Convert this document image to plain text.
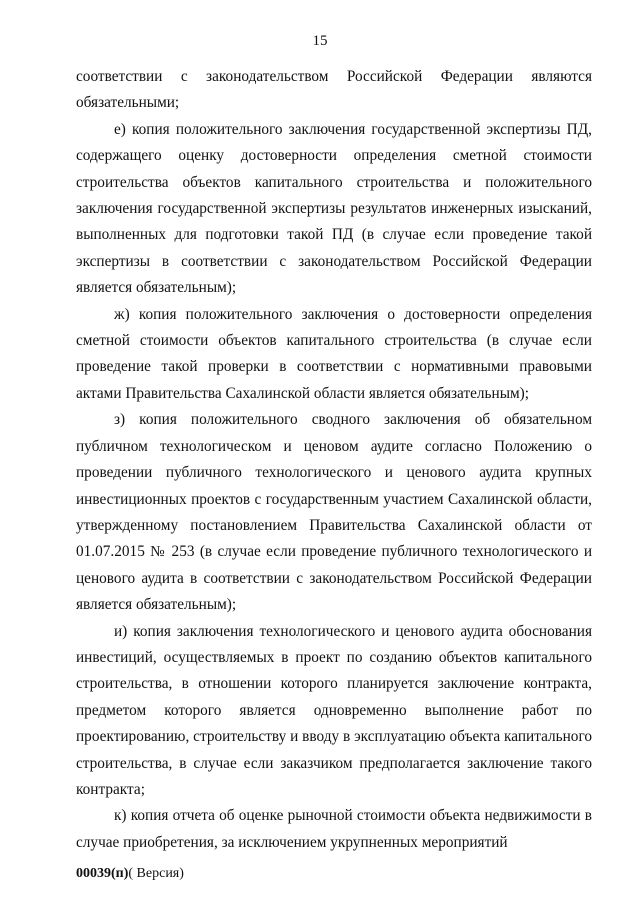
15

соответствии с законодательством Российской Федерации являются обязательными;

е) копия положительного заключения государственной экспертизы ПД, содержащего оценку достоверности определения сметной стоимости строительства объектов капитального строительства и положительного заключения государственной экспертизы результатов инженерных изысканий, выполненных для подготовки такой ПД (в случае если проведение такой экспертизы в соответствии с законодательством Российской Федерации является обязательным);

ж) копия положительного заключения о достоверности определения сметной стоимости объектов капитального строительства (в случае если проведение такой проверки в соответствии с нормативными правовыми актами Правительства Сахалинской области является обязательным);

з) копия положительного сводного заключения об обязательном публичном технологическом и ценовом аудите согласно Положению о проведении публичного технологического и ценового аудита крупных инвестиционных проектов с государственным участием Сахалинской области, утвержденному постановлением Правительства Сахалинской области от 01.07.2015 № 253 (в случае если проведение публичного технологического и ценового аудита в соответствии с законодательством Российской Федерации является обязательным);

и) копия заключения технологического и ценового аудита обоснования инвестиций, осуществляемых в проект по созданию объектов капитального строительства, в отношении которого планируется заключение контракта, предметом которого является одновременно выполнение работ по проектированию, строительству и вводу в эксплуатацию объекта капитального строительства, в случае если заказчиком предполагается заключение такого контракта;

к) копия отчета об оценке рыночной стоимости объекта недвижимости в случае приобретения, за исключением укрупненных мероприятий

00039(п)( Версия)
